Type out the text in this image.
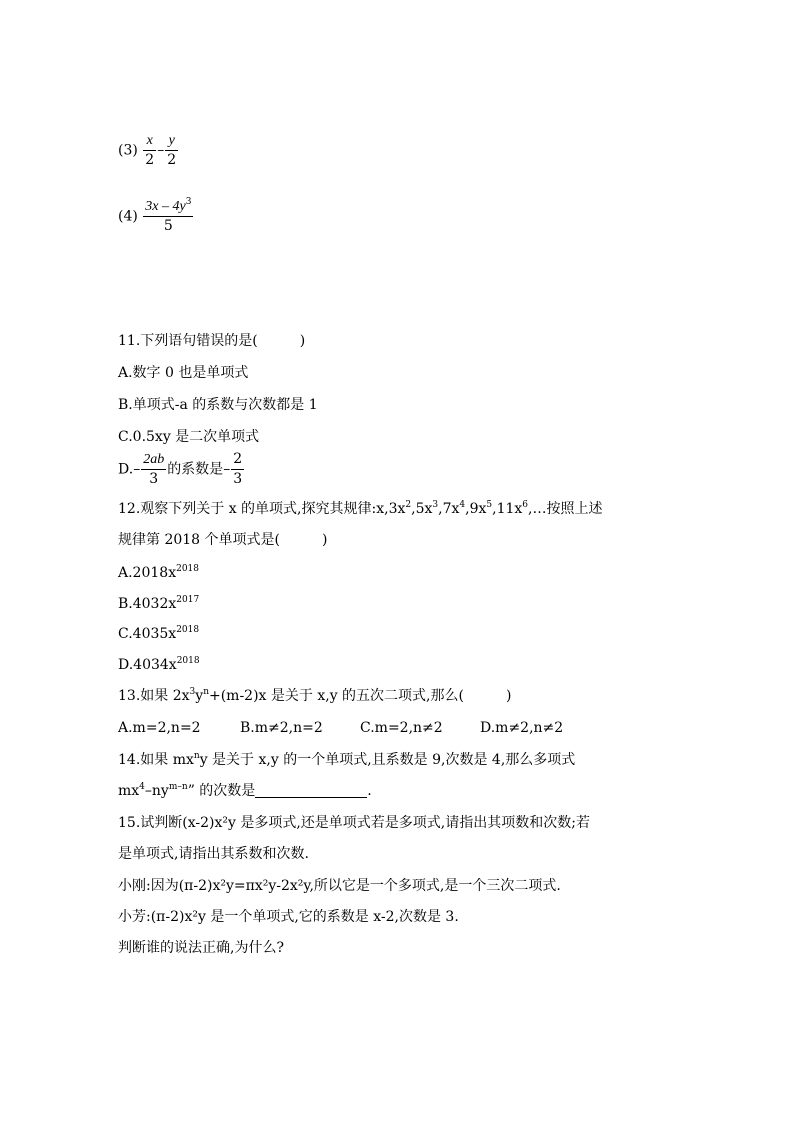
$(3) \frac{x}{2} - \frac{y}{2}$
$(4) \frac{3x - 4y^3}{5}$
11.下列语句错误的是(　　　)
A.数字 0 也是单项式
B.单项式-a 的系数与次数都是 1
C.0.5xy 是二次单项式
$D.- \frac{2ab}{3}$ 的系数是– $\frac{2}{3}$
12.观察下列关于 x 的单项式,探究其规律$:x,3x^2,5x^3,7x^4,9x^5,11x^6,\dots$按照上述
规律第 2018 个单项式是(　　　)
$A.2018x^{2018}$
$B.4032x^{2017}$
$C.4035x^{2018}$
$D.4034x^{2018}$
13.如果 $2x^3y^n+(m-2)x$ 是关于 x,y 的五次二项式,那么(　　　)
A.m=2,n=2	B.m≠2,n=2	C.m=2,n≠2	D.m≠2,n≠2
14.如果 $mx^ny$ 是关于 x,y 的一个单项式,且系数是 9,次数是 4,那么多项式
$mx^4-ny^{m-n}$” 的次数是	.
15.试判断(x-2)x²y 是多项式,还是单项式若是多项式,请指出其项数和次数;若
是单项式,请指出其系数和次数.
小刚:因为(π-2)x²y=πx²y-2x²y,所以它是一个多项式,是一个三次二项式.
小芳:(π-2)x²y 是一个单项式,它的系数是 x-2,次数是 3.
判断谁的说法正确,为什么?
